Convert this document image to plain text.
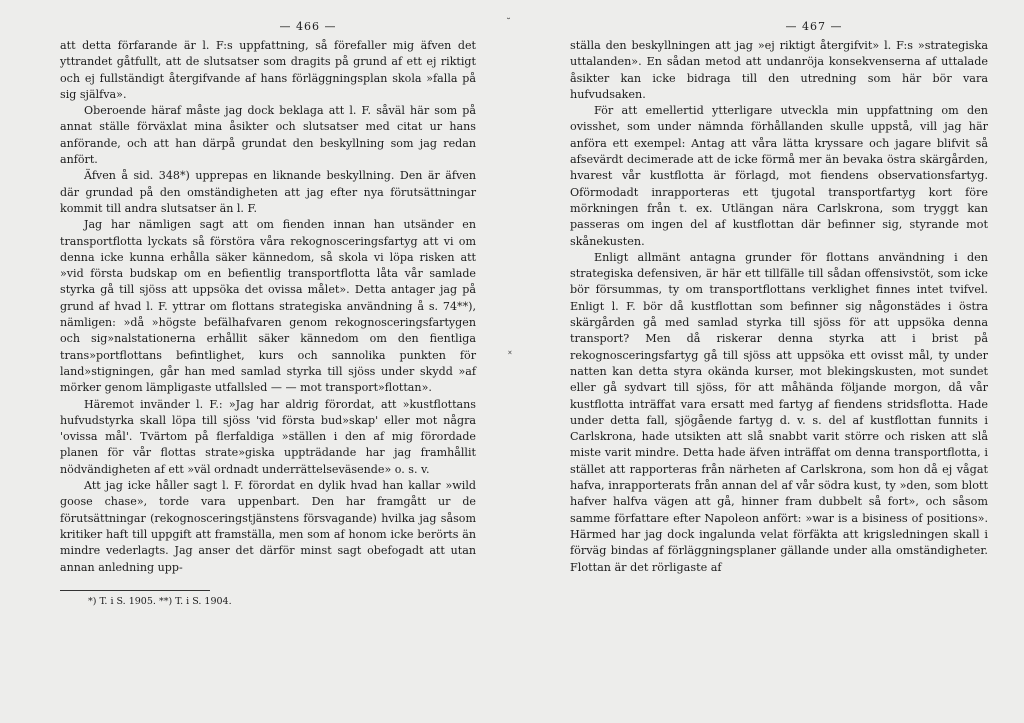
— 466 —

att detta förfarande är l. F:s uppfattning, så förefaller mig äfven det yttrandet gåtfullt, att de slutsatser som dragits på grund af ett ej riktigt och ej fullständigt återgifvande af hans förläggningsplan skola »falla på sig själfva».

Oberoende häraf måste jag dock beklaga att l. F. såväl här som på annat ställe förväxlat mina åsikter och slutsatser med citat ur hans anförande, och att han därpå grundat den beskyllning som jag redan anfört.

Äfven å sid. 348*) upprepas en liknande beskyllning. Den är äfven där grundad på den omständigheten att jag efter nya förutsättningar kommit till andra slutsatser än l. F.

Jag har nämligen sagt att om fienden innan han utsänder en transportflotta lyckats så förstöra våra rekognosceringsfartyg att vi om denna icke kunna erhålla säker kännedom, så skola vi löpa risken att »vid första budskap om en befientlig transportflotta låta vår samlade styrka gå till sjöss att uppsöka det ovissa målet». Detta antager jag på grund af hvad l. F. yttrar om flottans strategiska användning å s. 74**), nämligen: »då »högste befälhafvaren genom rekognosceringsfartygen och sig»nalstationerna erhållit säker kännedom om den fientliga trans»portflottans befintlighet, kurs och sannolika punkten för land»stigningen, går han med samlad styrka till sjöss under skydd »af mörker genom lämpligaste utfallsled — — mot transport»flottan».

Häremot invänder l. F.: »Jag har aldrig förordat, att »kustflottans hufvudstyrka skall löpa till sjöss 'vid första bud»skap' eller mot några 'ovissa mål'. Tvärtom på flerfaldiga »ställen i den af mig förordade planen för vår flottas strate»giska uppträdande har jag framhållit nödvändigheten af ett »väl ordnadt underrättelseväsende» o. s. v.

Att jag icke håller sagt l. F. förordat en dylik hvad han kallar »wild goose chase», torde vara uppenbart. Den har framgått ur de förutsättningar (rekognosceringstjänstens försvagande) hvilka jag såsom kritiker haft till uppgift att framställa, men som af honom icke berörts än mindre vederlagts. Jag anser det därför minst sagt obefogadt att utan annan anledning upp-

*) T. i S. 1905. **) T. i S. 1904.
— 467 —

ställa den beskyllningen att jag »ej riktigt återgifvit» l. F:s »strategiska uttalanden». En sådan metod att undanröja konsekvenserna af uttalade åsikter kan icke bidraga till den utredning som här bör vara hufvudsaken.

För att emellertid ytterligare utveckla min uppfattning om den ovisshet, som under nämnda förhållanden skulle uppstå, vill jag här anföra ett exempel: Antag att våra lätta kryssare och jagare blifvit så afsevärdt decimerade att de icke förmå mer än bevaka östra skärgården, hvarest vår kustflotta är förlagd, mot fiendens observationsfartyg. Oförmodadt inrapporteras ett tjugotal transportfartyg kort före mörkningen från t. ex. Utlängan nära Carlskrona, som tryggt kan passeras om ingen del af kustflottan där befinner sig, styrande mot skånekusten.

Enligt allmänt antagna grunder för flottans användning i den strategiska defensiven, är här ett tillfälle till sådan offensivstöt, som icke bör försummas, ty om transportflottans verklighet finnes intet tvifvel. Enligt l. F. bör då kustflottan som befinner sig någonstädes i östra skärgården gå med samlad styrka till sjöss för att uppsöka denna transport? Men då riskerar denna styrka att i brist på rekognosceringsfartyg gå till sjöss att uppsöka ett ovisst mål, ty under natten kan detta styra okända kurser, mot blekingskusten, mot sundet eller gå sydvart till sjöss, för att måhända följande morgon, då vår kustflotta inträffat vara ersatt med fartyg af fiendens stridsflotta. Hade under detta fall, sjögående fartyg d. v. s. del af kustflottan funnits i Carlskrona, hade utsikten att slå snabbt varit större och risken att slå miste varit mindre. Detta hade äfven inträffat om denna transportflotta, i stället att rapporteras från närheten af Carlskrona, som hon då ej vågat hafva, inrapporterats från annan del af vår södra kust, ty »den, som blott hafver halfva vägen att gå, hinner fram dubbelt så fort», och såsom samme författare efter Napoleon anfört: »war is a bisiness of positions». Härmed har jag dock ingalunda velat förfäkta att krigsledningen skall i förväg bindas af förläggningsplaner gällande under alla omständigheter. Flottan är det rörligaste af

˘
˟
